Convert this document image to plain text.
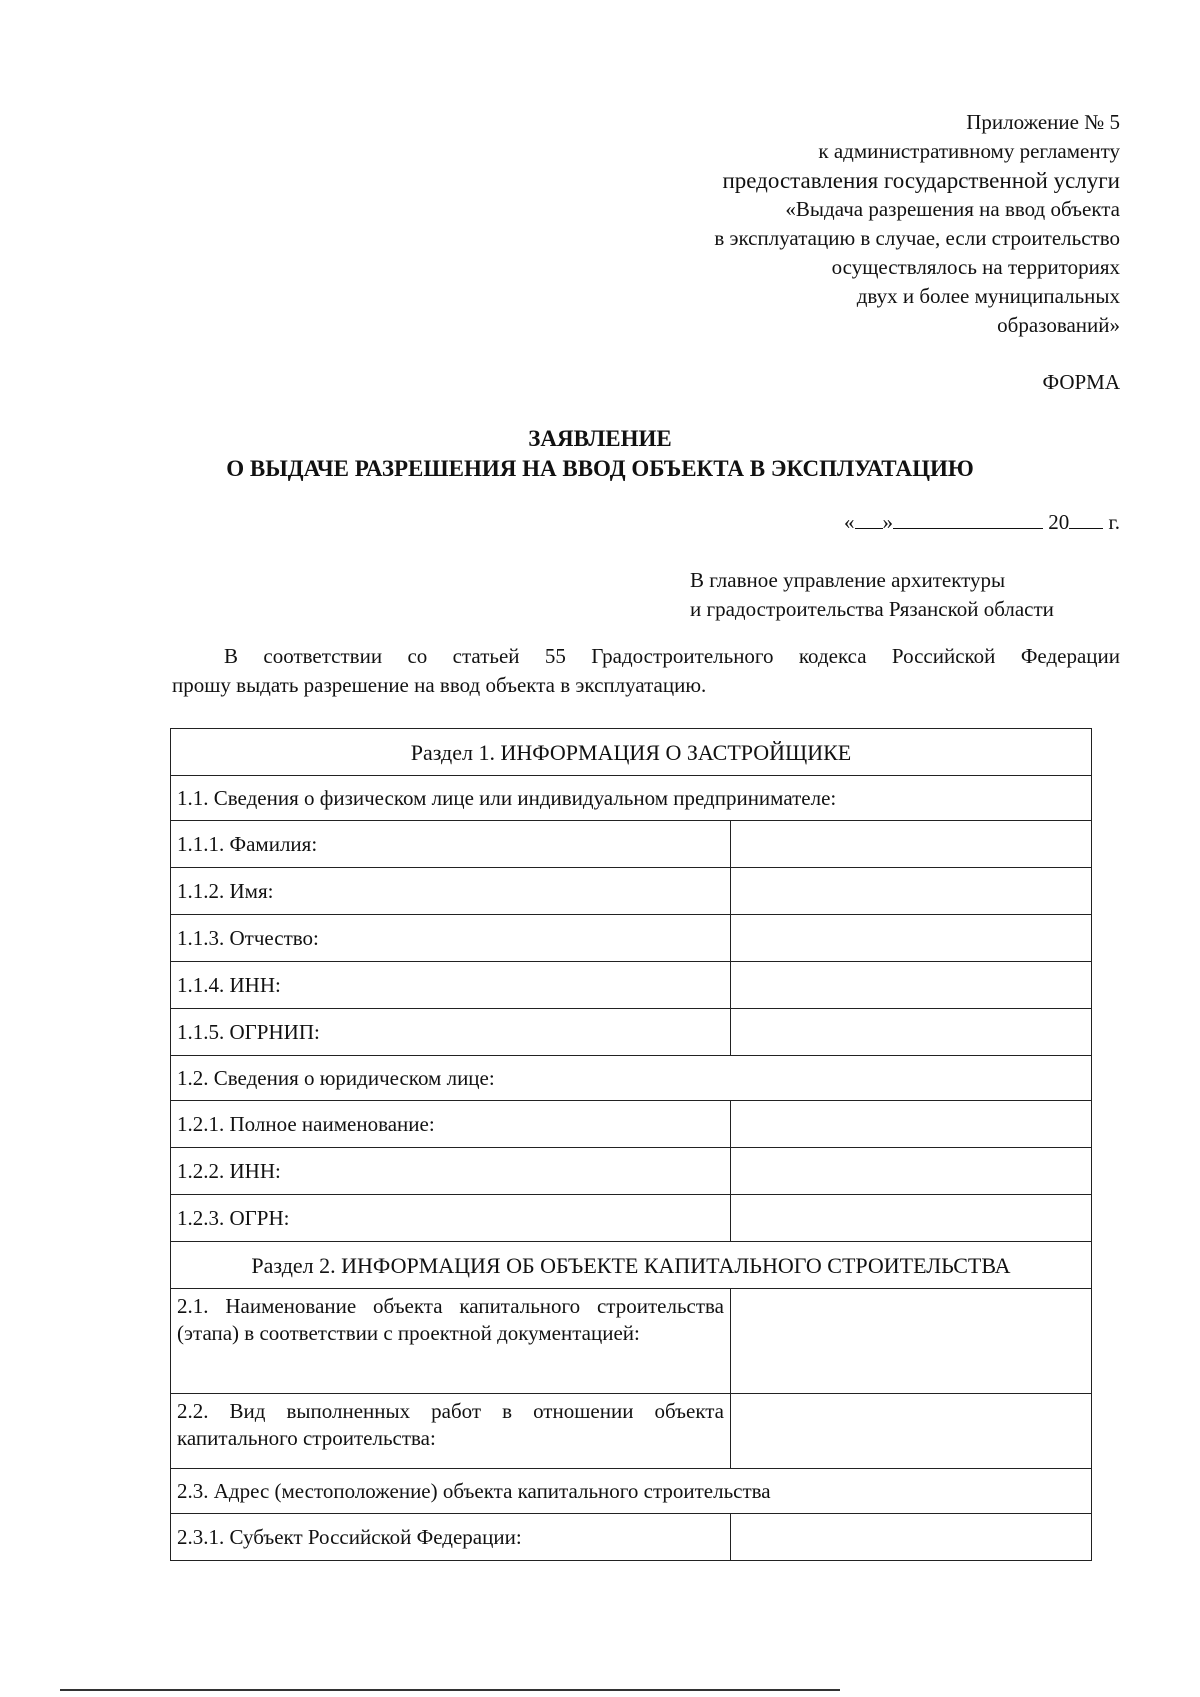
Приложение № 5
к административному регламенту
предоставления государственной услуги
«Выдача разрешения на ввод объекта
в эксплуатацию в случае, если строительство
осуществлялось на территориях
двух и более муниципальных
образований»
ФОРМА
ЗАЯВЛЕНИЕ
О ВЫДАЧЕ РАЗРЕШЕНИЯ НА ВВОД ОБЪЕКТА В ЭКСПЛУАТАЦИЮ
« »	20 г.
В главное управление архитектуры
и градостроительства Рязанской области
В соответствии со статьей 55 Градостроительного кодекса Российской Федерации
прошу выдать разрешение на ввод объекта в эксплуатацию.
Раздел 1. ИНФОРМАЦИЯ О ЗАСТРОЙЩИКЕ	
1.1. Сведения о физическом лице или индивидуальном предпринимателе:	
1.1.1. Фамилия:	
1.1.2. Имя:	
1.1.3. Отчество:	
1.1.4. ИНН:	
1.1.5. ОГРНИП:	
1.2. Сведения о юридическом лице:	
1.2.1. Полное наименование:	
1.2.2. ИНН:	
1.2.3. ОГРН:	
Раздел 2. ИНФОРМАЦИЯ ОБ ОБЪЕКТЕ КАПИТАЛЬНОГО СТРОИТЕЛЬСТВА	
2.1. Наименование объекта капитального строительства (этапа) в соответствии с проектной документацией:	
2.2. Вид выполненных работ в отношении объекта капитального строительства:	
2.3. Адрес (местоположение) объекта капитального строительства	
2.3.1. Субъект Российской Федерации:	
